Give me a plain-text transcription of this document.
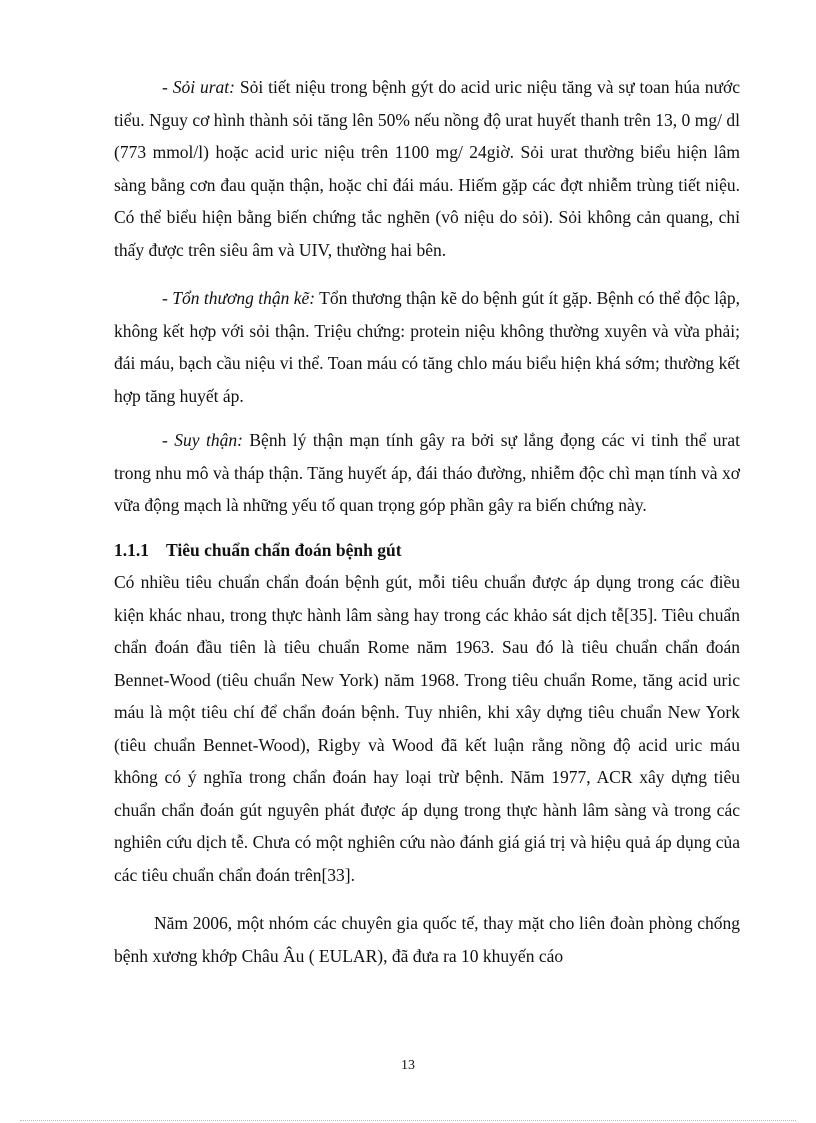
- Sỏi urat: Sỏi tiết niệu trong bệnh gýt do acid uric niệu tăng và sự toan húa nước tiểu. Nguy cơ hình thành sỏi tăng lên 50% nếu nồng độ urat huyết thanh trên 13, 0 mg/ dl (773 mmol/l) hoặc acid uric niệu trên 1100 mg/ 24giờ. Sỏi urat thường biểu hiện lâm sàng bằng cơn đau quặn thận, hoặc chỉ đái máu. Hiếm gặp các đợt nhiễm trùng tiết niệu. Có thể biểu hiện bằng biến chứng tắc nghẽn (vô niệu do sỏi). Sỏi không cản quang, chỉ thấy được trên siêu âm và UIV, thường hai bên.

- Tổn thương thận kẽ: Tổn thương thận kẽ do bệnh gút ít gặp. Bệnh có thể độc lập, không kết hợp với sỏi thận. Triệu chứng: protein niệu không thường xuyên và vừa phải; đái máu, bạch cầu niệu vi thể. Toan máu có tăng chlo máu biểu hiện khá sớm; thường kết hợp tăng huyết áp.

- Suy thận: Bệnh lý thận mạn tính gây ra bởi sự lắng đọng các vi tinh thể urat trong nhu mô và tháp thận. Tăng huyết áp, đái tháo đường, nhiễm độc chì mạn tính và xơ vữa động mạch là những yếu tố quan trọng góp phần gây ra biến chứng này.

1.1.1 Tiêu chuẩn chẩn đoán bệnh gút

Có nhiều tiêu chuẩn chẩn đoán bệnh gút, mỗi tiêu chuẩn được áp dụng trong các điều kiện khác nhau, trong thực hành lâm sàng hay trong các khảo sát dịch tễ[35]. Tiêu chuẩn chẩn đoán đầu tiên là tiêu chuẩn Rome năm 1963. Sau đó là tiêu chuẩn chẩn đoán Bennet-Wood (tiêu chuẩn New York) năm 1968. Trong tiêu chuẩn Rome, tăng acid uric máu là một tiêu chí để chẩn đoán bệnh. Tuy nhiên, khi xây dựng tiêu chuẩn New York (tiêu chuẩn Bennet-Wood), Rigby và Wood đã kết luận rằng nồng độ acid uric máu không có ý nghĩa trong chẩn đoán hay loại trừ bệnh. Năm 1977, ACR xây dựng tiêu chuẩn chẩn đoán gút nguyên phát được áp dụng trong thực hành lâm sàng và trong các nghiên cứu dịch tễ. Chưa có một nghiên cứu nào đánh giá giá trị và hiệu quả áp dụng của các tiêu chuẩn chẩn đoán trên[33].

Năm 2006, một nhóm các chuyên gia quốc tế, thay mặt cho liên đoàn phòng chống bệnh xương khớp Châu Âu ( EULAR), đã đưa ra 10 khuyến cáo

13
